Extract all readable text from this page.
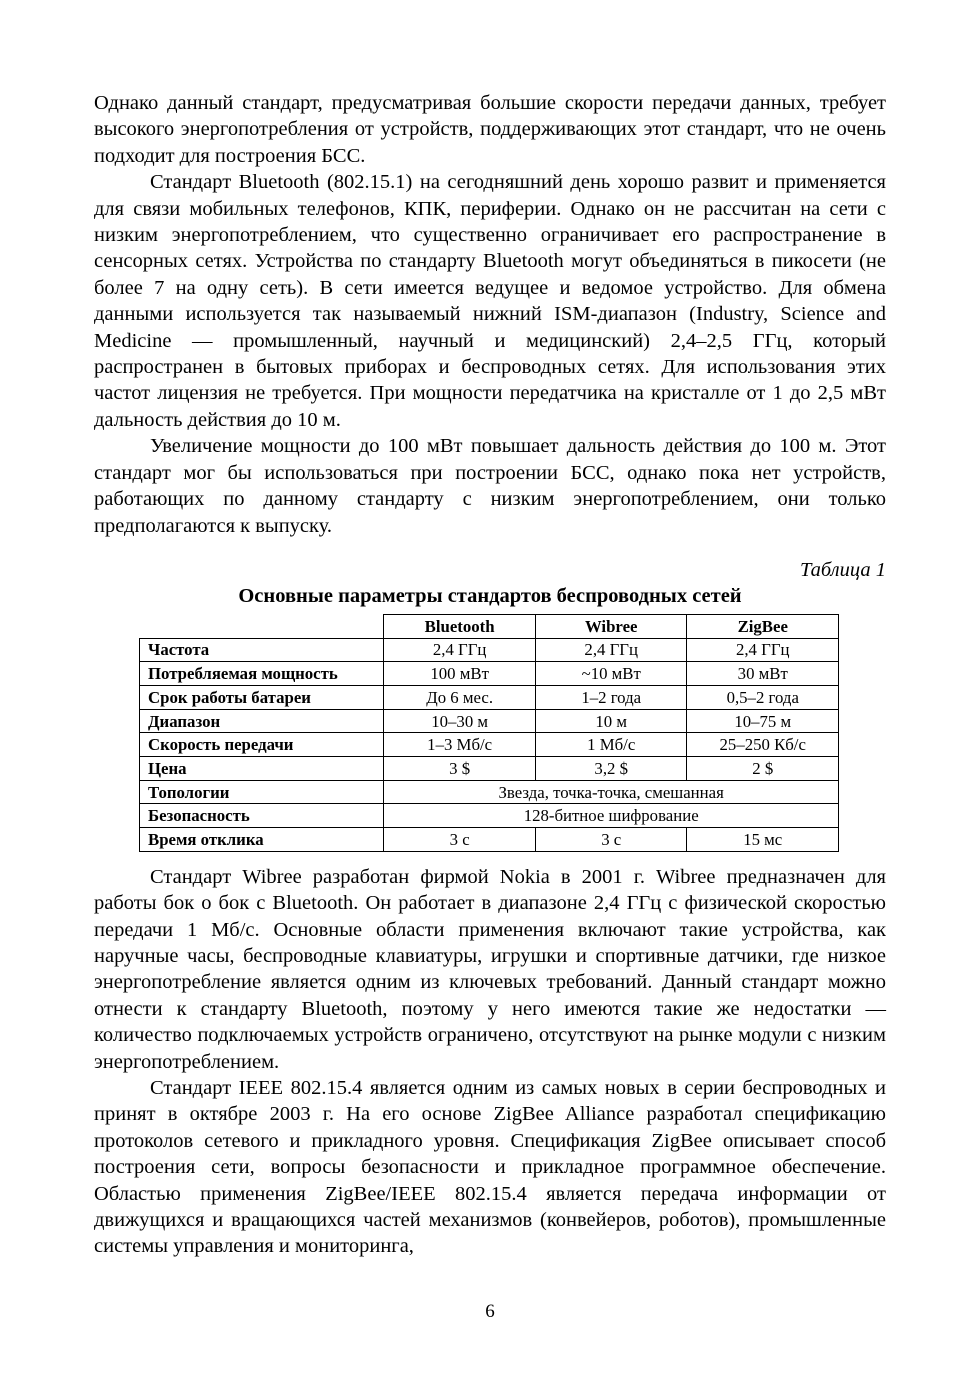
Однако данный стандарт, предусматривая большие скорости передачи данных, требует высокого энергопотребления от устройств, поддерживающих этот стандарт, что не очень подходит для построения БСС.

Стандарт Bluetooth (802.15.1) на сегодняшний день хорошо развит и применяется для связи мобильных телефонов, КПК, периферии. Однако он не рассчитан на сети с низким энергопотреблением, что существенно ограничивает его распространение в сенсорных сетях. Устройства по стандарту Bluetooth могут объединяться в пикосети (не более 7 на одну сеть). В сети имеется ведущее и ведомое устройство. Для обмена данными используется так называемый нижний ISM-диапазон (Industry, Science and Medicine — промышленный, научный и медицинский) 2,4–2,5 ГГц, который распространен в бытовых приборах и беспроводных сетях. Для использования этих частот лицензия не требуется. При мощности передатчика на кристалле от 1 до 2,5 мВт дальность действия до 10 м.

Увеличение мощности до 100 мВт повышает дальность действия до 100 м. Этот стандарт мог бы использоваться при построении БСС, однако пока нет устройств, работающих по данному стандарту с низким энергопотреблением, они только предполагаются к выпуску.

Таблица 1
Основные параметры стандартов беспроводных сетей
	Bluetooth	Wibree	ZigBee
Частота	2,4 ГГц	2,4 ГГц	2,4 ГГц
Потребляемая мощность	100 мВт	~10 мВт	30 мВт
Срок работы батареи	До 6 мес.	1–2 года	0,5–2 года
Диапазон	10–30 м	10 м	10–75 м
Скорость передачи	1–3 Мб/с	1 Мб/с	25–250 Кб/с
Цена	3 $	3,2 $	2 $
Топологии	Звезда, точка-точка, смешанная		
Безопасность	128-битное шифрование		
Время отклика	3 с	3 с	15 мс

Стандарт Wibree разработан фирмой Nokia в 2001 г. Wibree предназначен для работы бок о бок с Bluetooth. Он работает в диапазоне 2,4 ГГц с физической скоростью передачи 1 Мб/с. Основные области применения включают такие устройства, как наручные часы, беспроводные клавиатуры, игрушки и спортивные датчики, где низкое энергопотребление является одним из ключевых требований. Данный стандарт можно отнести к стандарту Bluetooth, поэтому у него имеются такие же недостатки — количество подключаемых устройств ограничено, отсутствуют на рынке модули с низким энергопотреблением.

Стандарт IEEE 802.15.4 является одним из самых новых в серии беспроводных и принят в октябре 2003 г. На его основе ZigBee Alliance разработал спецификацию протоколов сетевого и прикладного уровня. Спецификация ZigBee описывает способ построения сети, вопросы безопасности и прикладное программное обеспечение. Областью применения ZigBee/IEEE 802.15.4 является передача информации от движущихся и вращающихся частей механизмов (конвейеров, роботов), промышленные системы управления и мониторинга,

6
